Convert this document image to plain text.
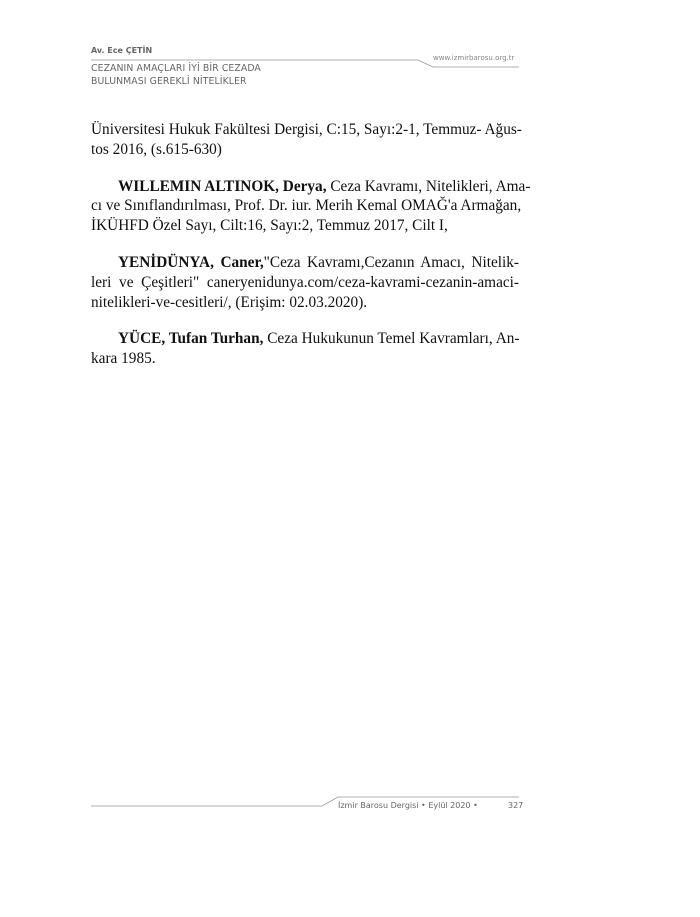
Av. Ece ÇETİN
CEZANIN AMAÇLARI İYİ BİR CEZADA
BULUNMASI GEREKLİ NİTELİKLER
www.izmirbarosu.org.tr
Üniversitesi Hukuk Fakültesi Dergisi, C:15, Sayı:2-1, Temmuz- Ağus-
tos 2016, (s.615-630)
WILLEMIN ALTINOK, Derya, Ceza Kavramı, Nitelikleri, Ama-
cı ve Sınıflandırılması, Prof. Dr. iur. Merih Kemal OMAĞ'a Armağan,
İKÜHFD Özel Sayı, Cilt:16, Sayı:2, Temmuz 2017, Cilt I,
YENİDÜNYA, Caner,"Ceza Kavramı,Cezanın Amacı, Nitelik-
leri ve Çeşitleri" caneryenidunya.com/ceza-kavrami-cezanin-amaci-
nitelikleri-ve-cesitleri/, (Erişim: 02.03.2020).
YÜCE, Tufan Turhan, Ceza Hukukunun Temel Kavramları, An-
kara 1985.
İzmir Barosu Dergisi • Eylül 2020 •	327
